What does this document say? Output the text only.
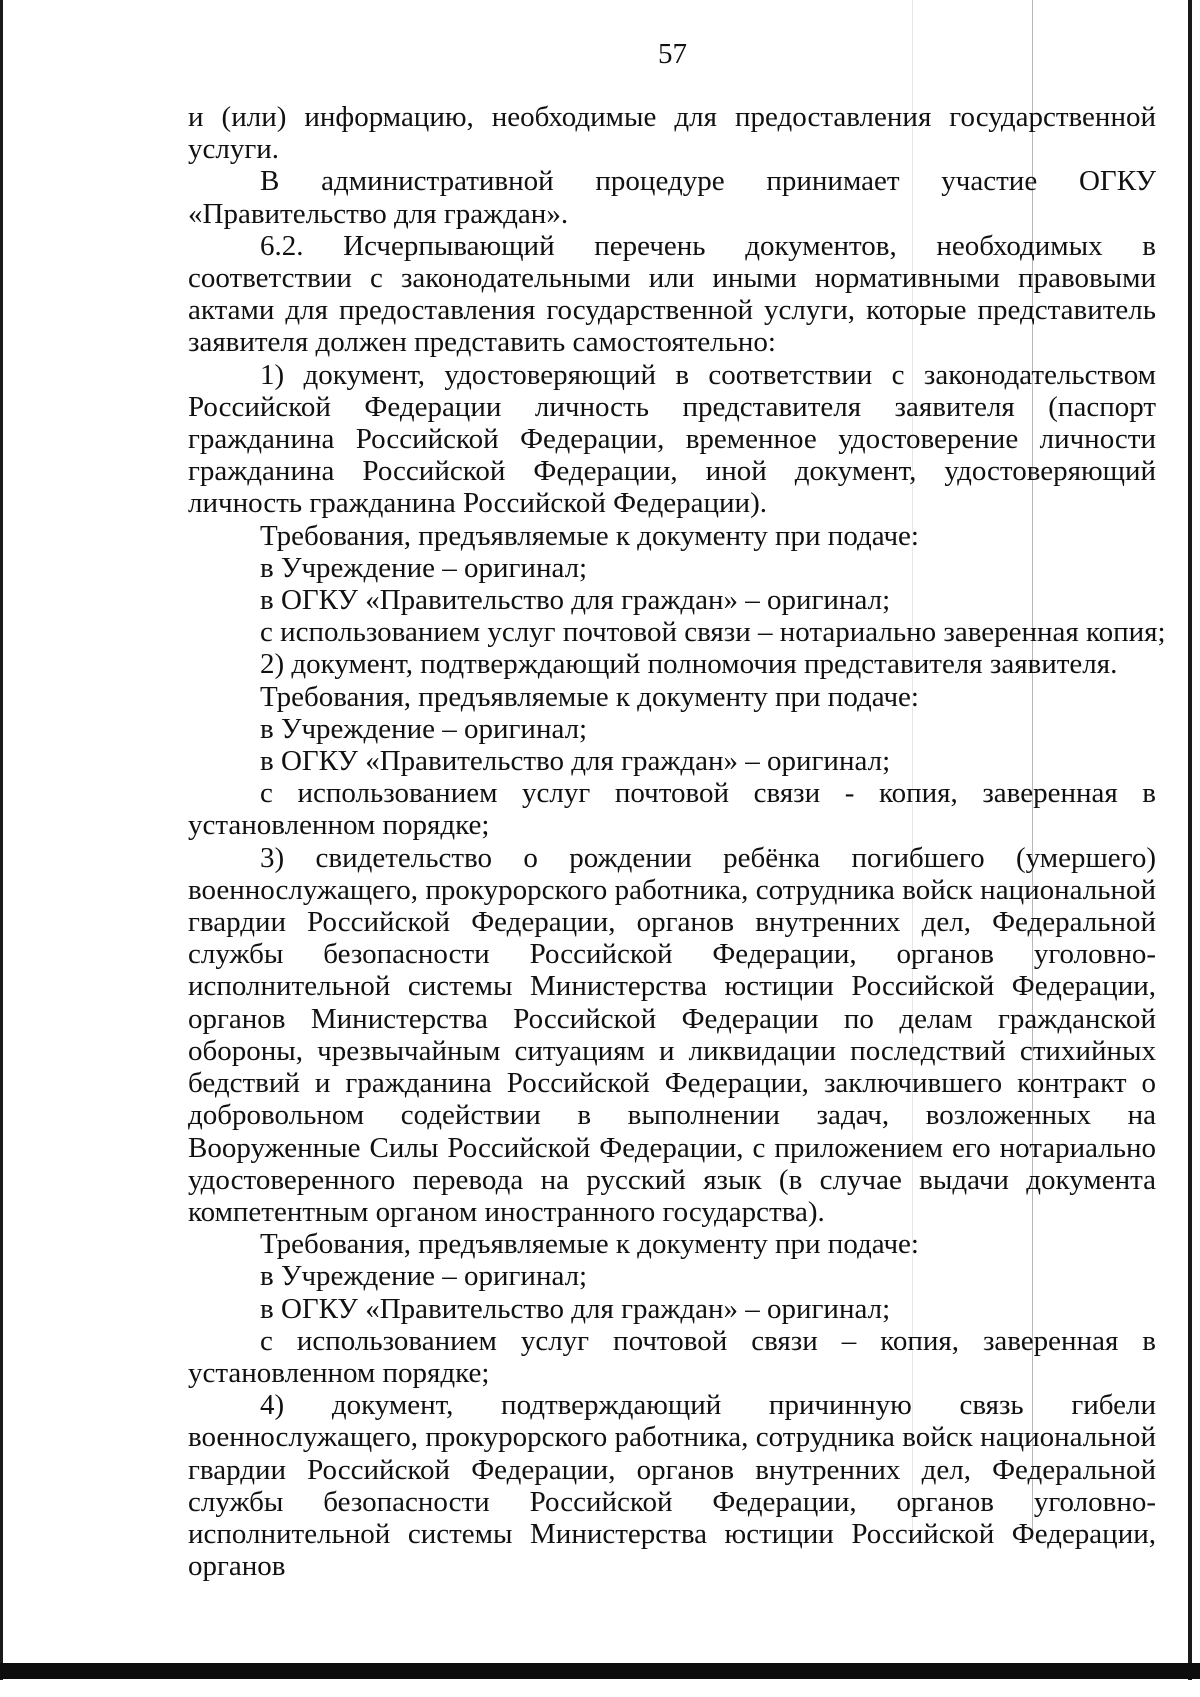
57

и (или) информацию, необходимые для предоставления государственной услуги.

В административной процедуре принимает участие ОГКУ «Правительство для граждан».

6.2. Исчерпывающий перечень документов, необходимых в соответствии с законодательными или иными нормативными правовыми актами для предоставления государственной услуги, которые представитель заявителя должен представить самостоятельно:

1) документ, удостоверяющий в соответствии с законодательством Российской Федерации личность представителя заявителя (паспорт гражданина Российской Федерации, временное удостоверение личности гражданина Российской Федерации, иной документ, удостоверяющий личность гражданина Российской Федерации).

Требования, предъявляемые к документу при подаче:

в Учреждение – оригинал;

в ОГКУ «Правительство для граждан» – оригинал;

с использованием услуг почтовой связи – нотариально заверенная копия;

2) документ, подтверждающий полномочия представителя заявителя.

Требования, предъявляемые к документу при подаче:

в Учреждение – оригинал;

в ОГКУ «Правительство для граждан» – оригинал;

с использованием услуг почтовой связи - копия, заверенная в установленном порядке;

3) свидетельство о рождении ребёнка погибшего (умершего) военнослужащего, прокурорского работника, сотрудника войск национальной гвардии Российской Федерации, органов внутренних дел, Федеральной службы безопасности Российской Федерации, органов уголовно-исполнительной системы Министерства юстиции Российской Федерации, органов Министерства Российской Федерации по делам гражданской обороны, чрезвычайным ситуациям и ликвидации последствий стихийных бедствий и гражданина Российской Федерации, заключившего контракт о добровольном содействии в выполнении задач, возложенных на Вооруженные Силы Российской Федерации, с приложением его нотариально удостоверенного перевода на русский язык (в случае выдачи документа компетентным органом иностранного государства).

Требования, предъявляемые к документу при подаче:

в Учреждение – оригинал;

в ОГКУ «Правительство для граждан» – оригинал;

с использованием услуг почтовой связи – копия, заверенная в установленном порядке;

4) документ, подтверждающий причинную связь гибели военнослужащего, прокурорского работника, сотрудника войск национальной гвардии Российской Федерации, органов внутренних дел, Федеральной службы безопасности Российской Федерации, органов уголовно-исполнительной системы Министерства юстиции Российской Федерации, органов
